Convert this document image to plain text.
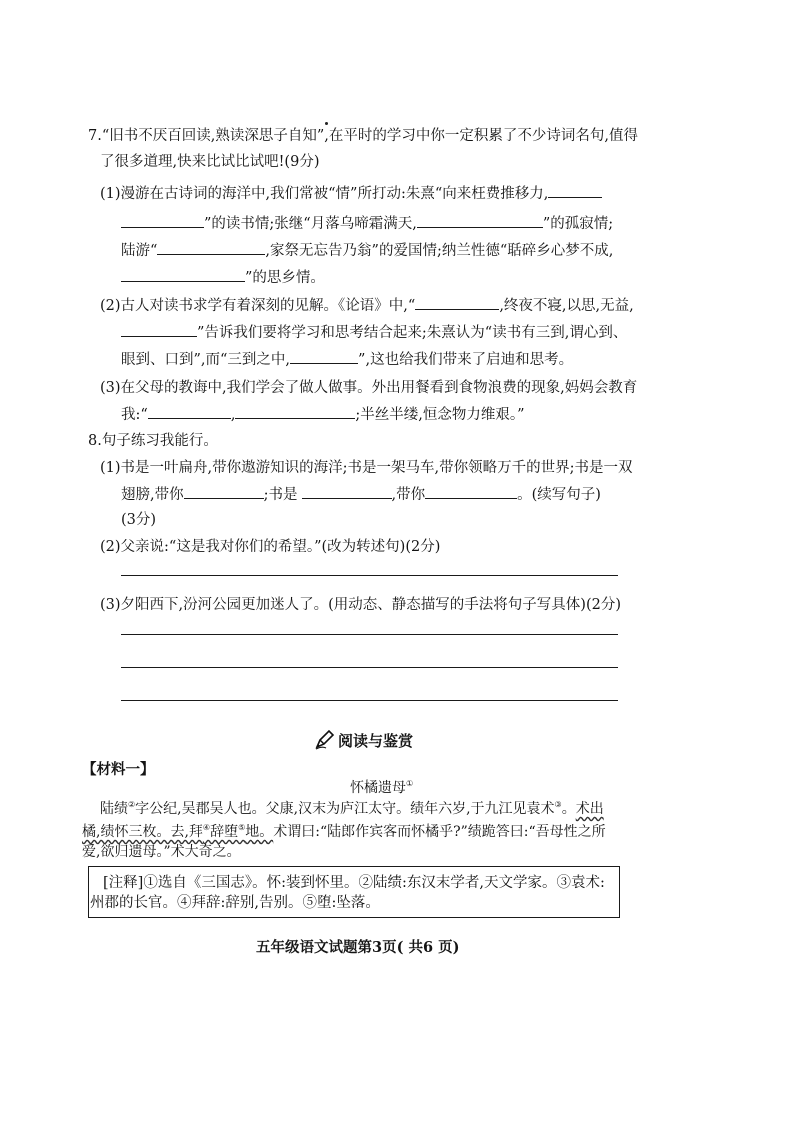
7.“旧书不厌百回读,熟读深思子自知”,在平时的学习中你一定积累了不少诗词名句,值得
了很多道理,快来比试比试吧!(9分)
(1)漫游在古诗词的海洋中,我们常被“情”所打动:朱熹“向来枉费推移力,
”的读书情;张继“月落乌啼霜满天,	”的孤寂情;
陆游“	,家祭无忘告乃翁”的爱国情;纳兰性德“聒碎乡心梦不成,
”的思乡情。
(2)古人对读书求学有着深刻的见解。《论语》中,“	,终夜不寝,以思,无益,
”告诉我们要将学习和思考结合起来;朱熹认为“读书有三到,谓心到、
眼到、口到”,而“三到之中,	”,这也给我们带来了启迪和思考。
(3)在父母的教诲中,我们学会了做人做事。外出用餐看到食物浪费的现象,妈妈会教育
我:“	,	;半丝半缕,恒念物力维艰。”
8.句子练习我能行。
(1)书是一叶扁舟,带你遨游知识的海洋;书是一架马车,带你领略万千的世界;书是一双
翅膀,带你	;书是	,带你	。(续写句子)
(3分)
(2)父亲说:“这是我对你们的希望。”(改为转述句)(2分)
(3)夕阳西下,汾河公园更加迷人了。(用动态、静态描写的手法将句子写具体)(2分)
阅读与鉴赏
【材料一】
怀橘遗母①
陆绩②字公纪,吴郡吴人也。父康,汉末为庐江太守。绩年六岁,于九江见袁术③。术出
橘,绩怀三枚。去,拜④辞堕⑤地。术谓曰:“陆郎作宾客而怀橘乎?”绩跪答曰:“吾母性之所
爱,欲归遗母。”术大奇之。
[注释]①选自《三国志》。怀:装到怀里。②陆绩:东汉末学者,天文学家。③袁术:
州郡的长官。④拜辞:辞别,告别。⑤堕:坠落。
五年级语文试题第3页( 共6 页)
